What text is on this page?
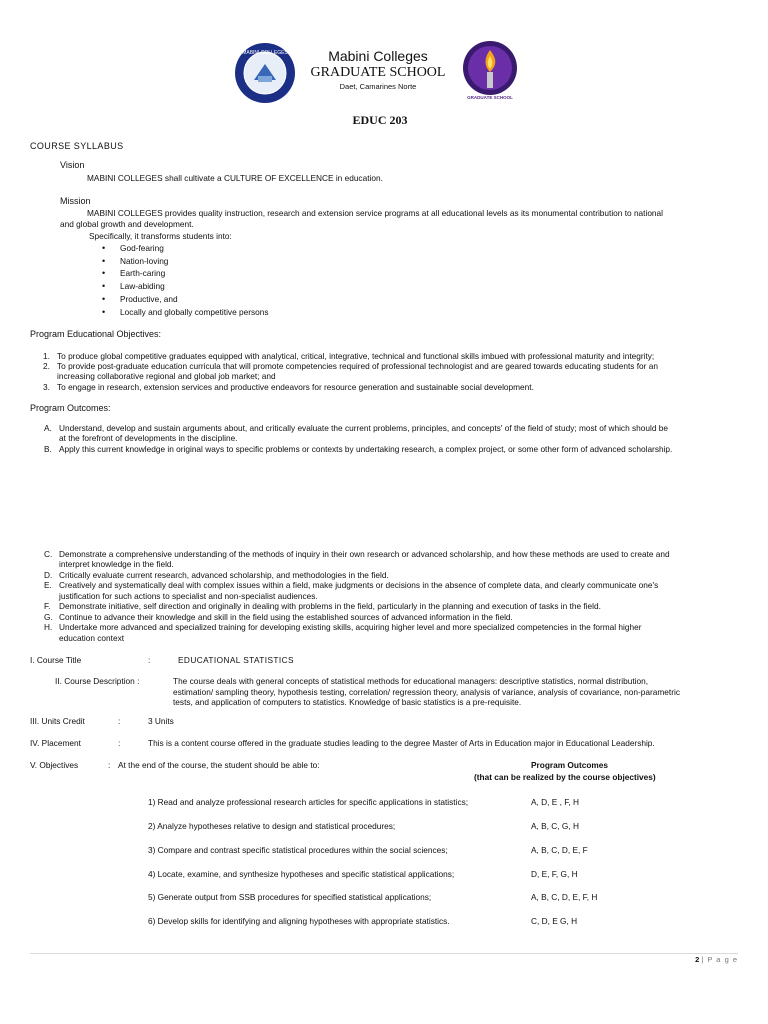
MABINI COLLEGES	Mabini Colleges
GRADUATE SCHOOL
Daet, Camarines Norte
GRADUATE SCHOOL
EDUC 203
COURSE SYLLABUS
Vision
MABINI COLLEGES shall cultivate a CULTURE OF EXCELLENCE in education.
Mission
MABINI COLLEGES provides quality instruction, research and extension service programs at all educational levels as its monumental contribution to national
and global growth and development.
Specifically, it transforms students into:
• God-fearing
• Nation-loving
• Earth-caring
• Law-abiding
• Productive, and
• Locally and globally competitive persons
Program Educational Objectives:
1. To produce global competitive graduates equipped with analytical, critical, integrative, technical and functional skills imbued with professional maturity and integrity;
2. To provide post-graduate education curricula that will promote competencies required of professional technologist and are geared towards educating students for an
increasing collaborative regional and global job market; and
3. To engage in research, extension services and productive endeavors for resource generation and sustainable social development.
Program Outcomes:
A. Understand, develop and sustain arguments about, and critically evaluate the current problems, principles, and concepts' of the field of study; most of which should be
at the forefront of developments in the discipline.
B. Apply this current knowledge in original ways to specific problems or contexts by undertaking research, a complex project, or some other form of advanced scholarship.
C. Demonstrate a comprehensive understanding of the methods of inquiry in their own research or advanced scholarship, and how these methods are used to create and
interpret knowledge in the field.
D. Critically evaluate current research, advanced scholarship, and methodologies in the field.
E. Creatively and systematically deal with complex issues within a field, make judgments or decisions in the absence of complete data, and clearly communicate one's
justification for such actions to specialist and non-specialist audiences.
F. Demonstrate initiative, self direction and originally in dealing with problems in the field, particularly in the planning and execution of tasks in the field.
G. Continue to advance their knowledge and skill in the field using the established sources of advanced information in the field.
H. Undertake more advanced and specialized training for developing existing skills, acquiring higher level and more specialized competencies in the formal higher
education context
I. Course Title	:	EDUCATIONAL STATISTICS
II. Course Description :	The course deals with general concepts of statistical methods for educational managers: descriptive statistics, normal distribution,
estimation/ sampling theory, hypothesis testing, correlation/ regression theory, analysis of variance, analysis of covariance, non-parametric
tests, and application of computers to statistics. Knowledge of basic statistics is a pre-requisite.
III. Units Credit	:	3 Units
IV. Placement	:	This is a content course offered in the graduate studies leading to the degree Master of Arts in Education major in Educational Leadership.
V. Objectives	: At the end of the course, the student should be able to:	Program Outcomes
(that can be realized by the course objectives)
1) Read and analyze professional research articles for specific applications in statistics;	A, D, E , F, H
2) Analyze hypotheses relative to design and statistical procedures;	A, B, C, G, H
3) Compare and contrast specific statistical procedures within the social sciences;	A, B, C, D, E, F
4) Locate, examine, and synthesize hypotheses and specific statistical applications;	D, E, F, G, H
5) Generate output from SSB procedures for specified statistical applications;	A, B, C, D, E, F, H
6) Develop skills for identifying and aligning hypotheses with appropriate statistics.	C, D, E G, H
2 | P a g e
